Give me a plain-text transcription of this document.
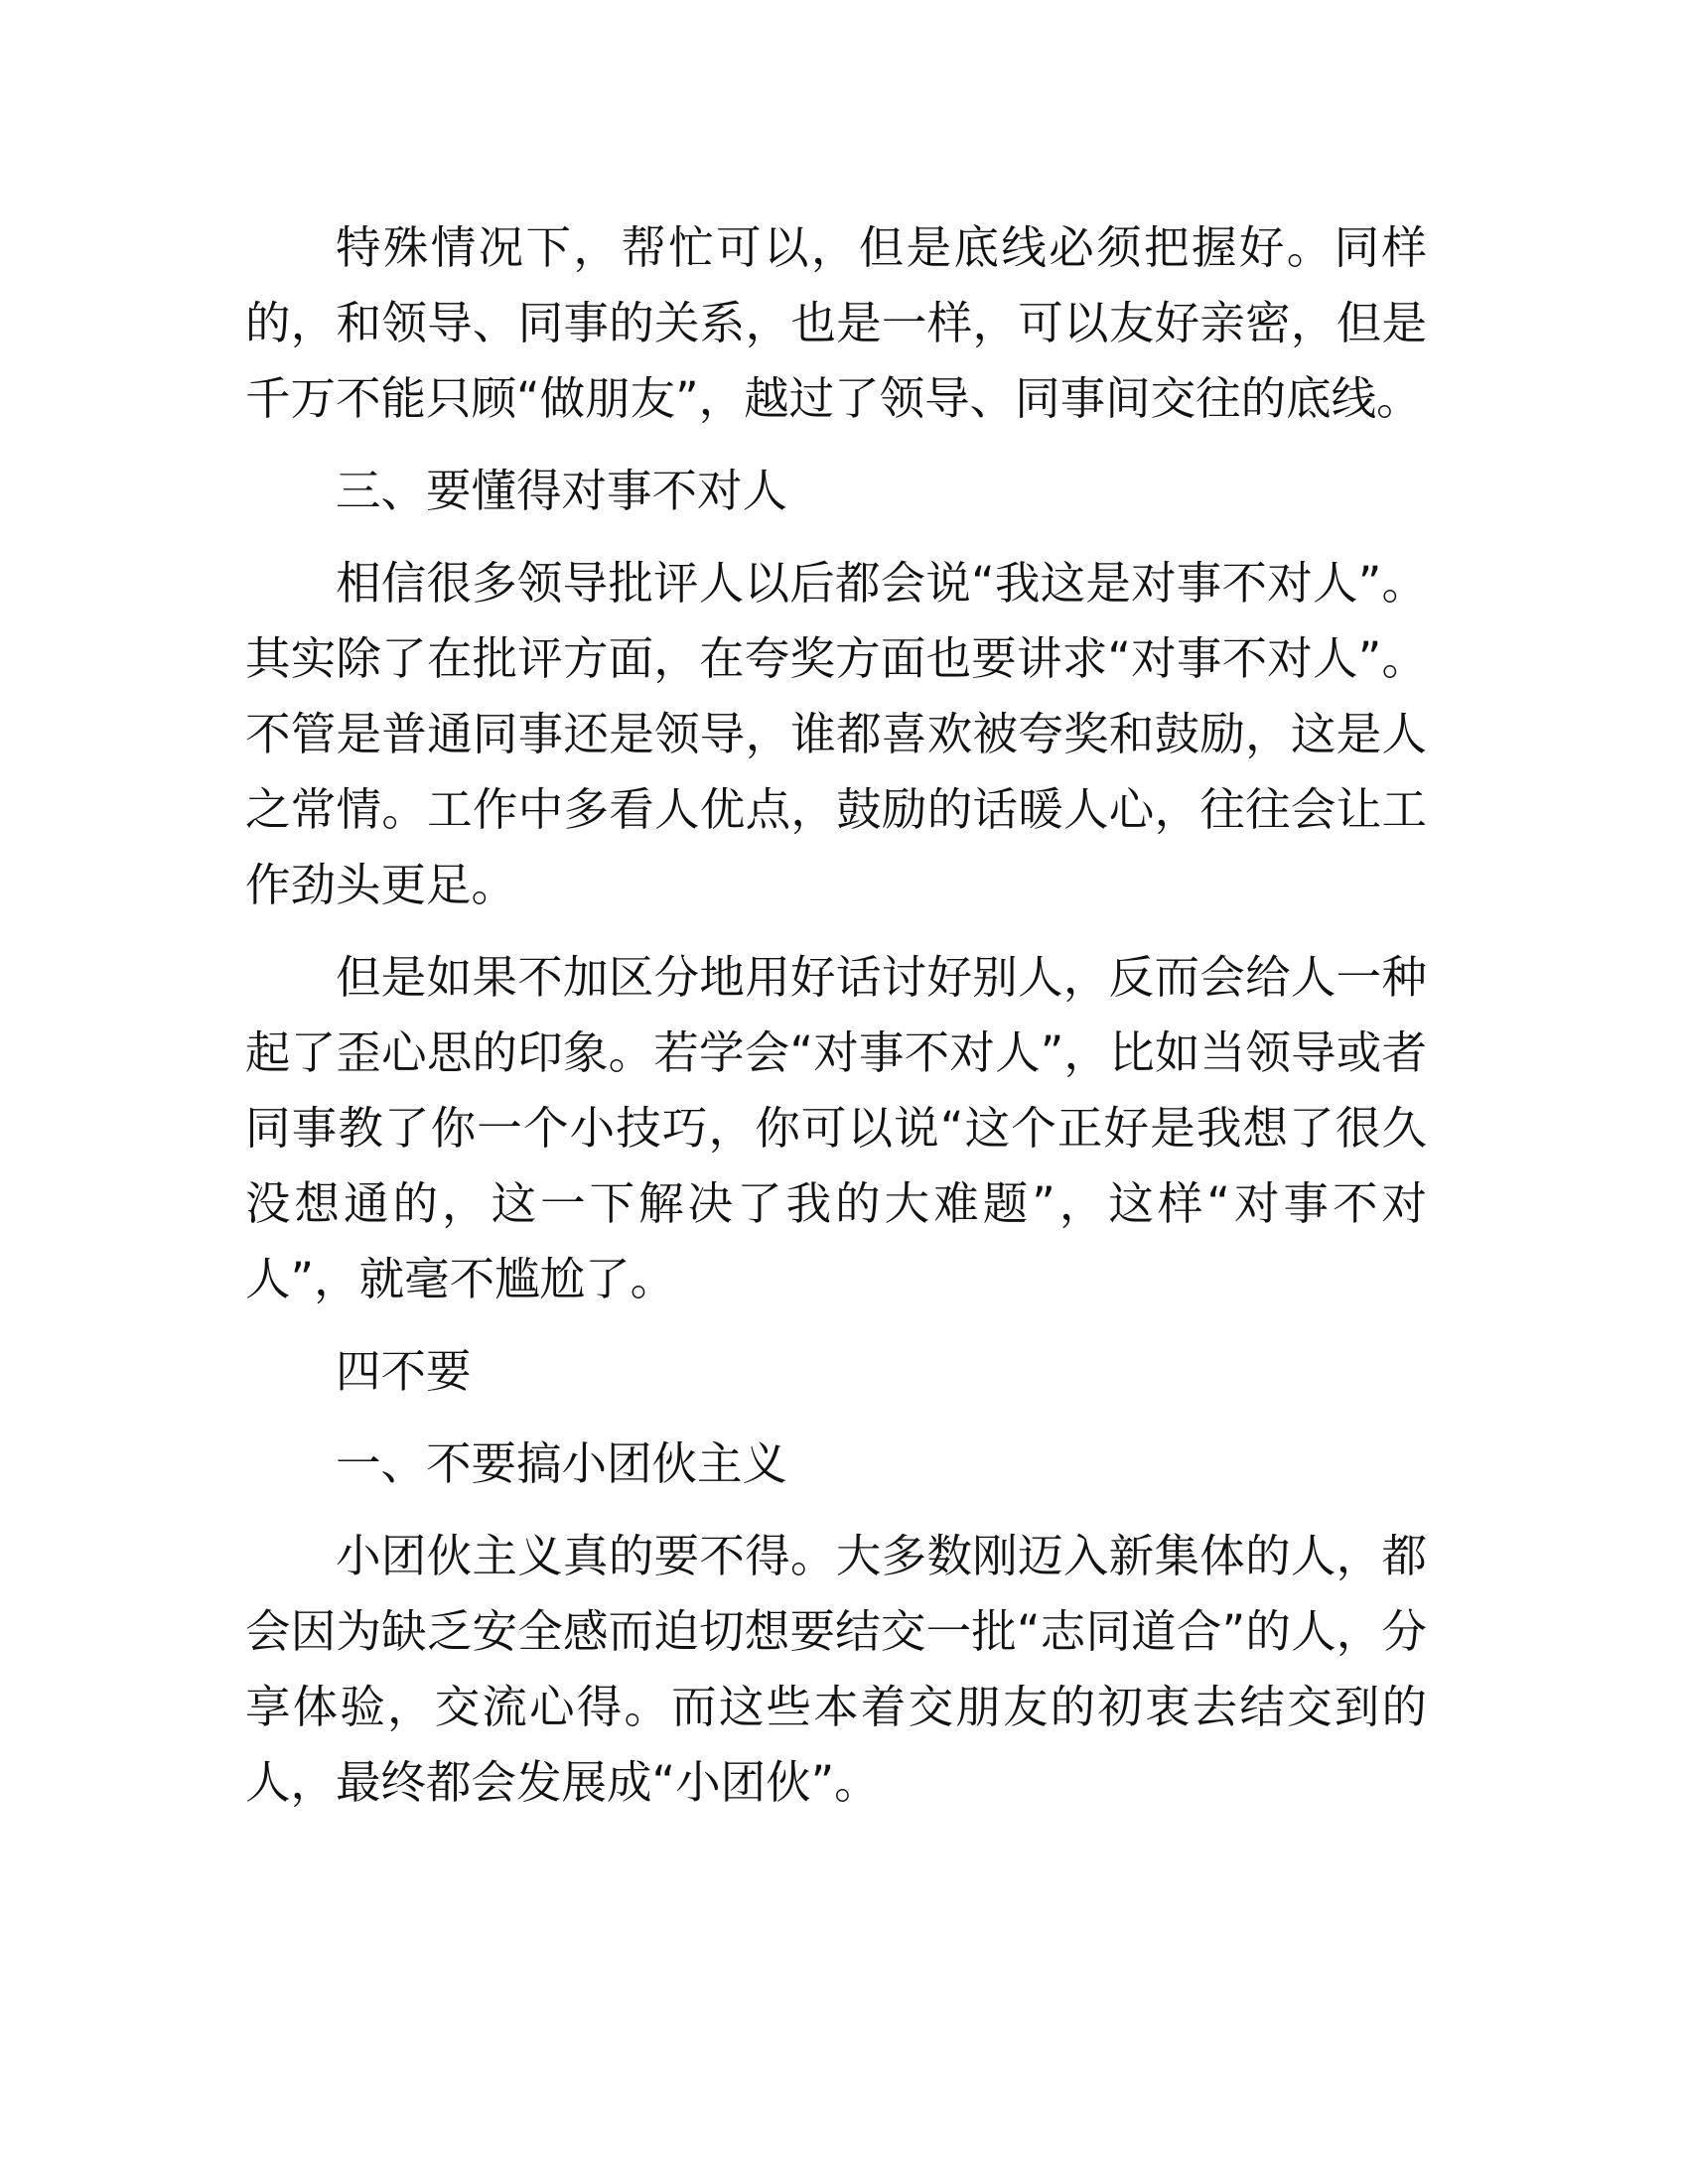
特殊情况下，帮忙可以，但是底线必须把握好。同样的，和领导、同事的关系，也是一样，可以友好亲密，但是千万不能只顾“做朋友”，越过了领导、同事间交往的底线。

三、要懂得对事不对人

相信很多领导批评人以后都会说“我这是对事不对人”。其实除了在批评方面，在夸奖方面也要讲求“对事不对人”。不管是普通同事还是领导，谁都喜欢被夸奖和鼓励，这是人之常情。工作中多看人优点，鼓励的话暖人心，往往会让工作劲头更足。

但是如果不加区分地用好话讨好别人，反而会给人一种起了歪心思的印象。若学会“对事不对人”，比如当领导或者同事教了你一个小技巧，你可以说“这个正好是我想了很久没想通的，这一下解决了我的大难题”，这样“对事不对人”，就毫不尴尬了。

四不要

一、不要搞小团伙主义

小团伙主义真的要不得。大多数刚迈入新集体的人，都会因为缺乏安全感而迫切想要结交一批“志同道合”的人，分享体验，交流心得。而这些本着交朋友的初衷去结交到的人，最终都会发展成“小团伙”。
